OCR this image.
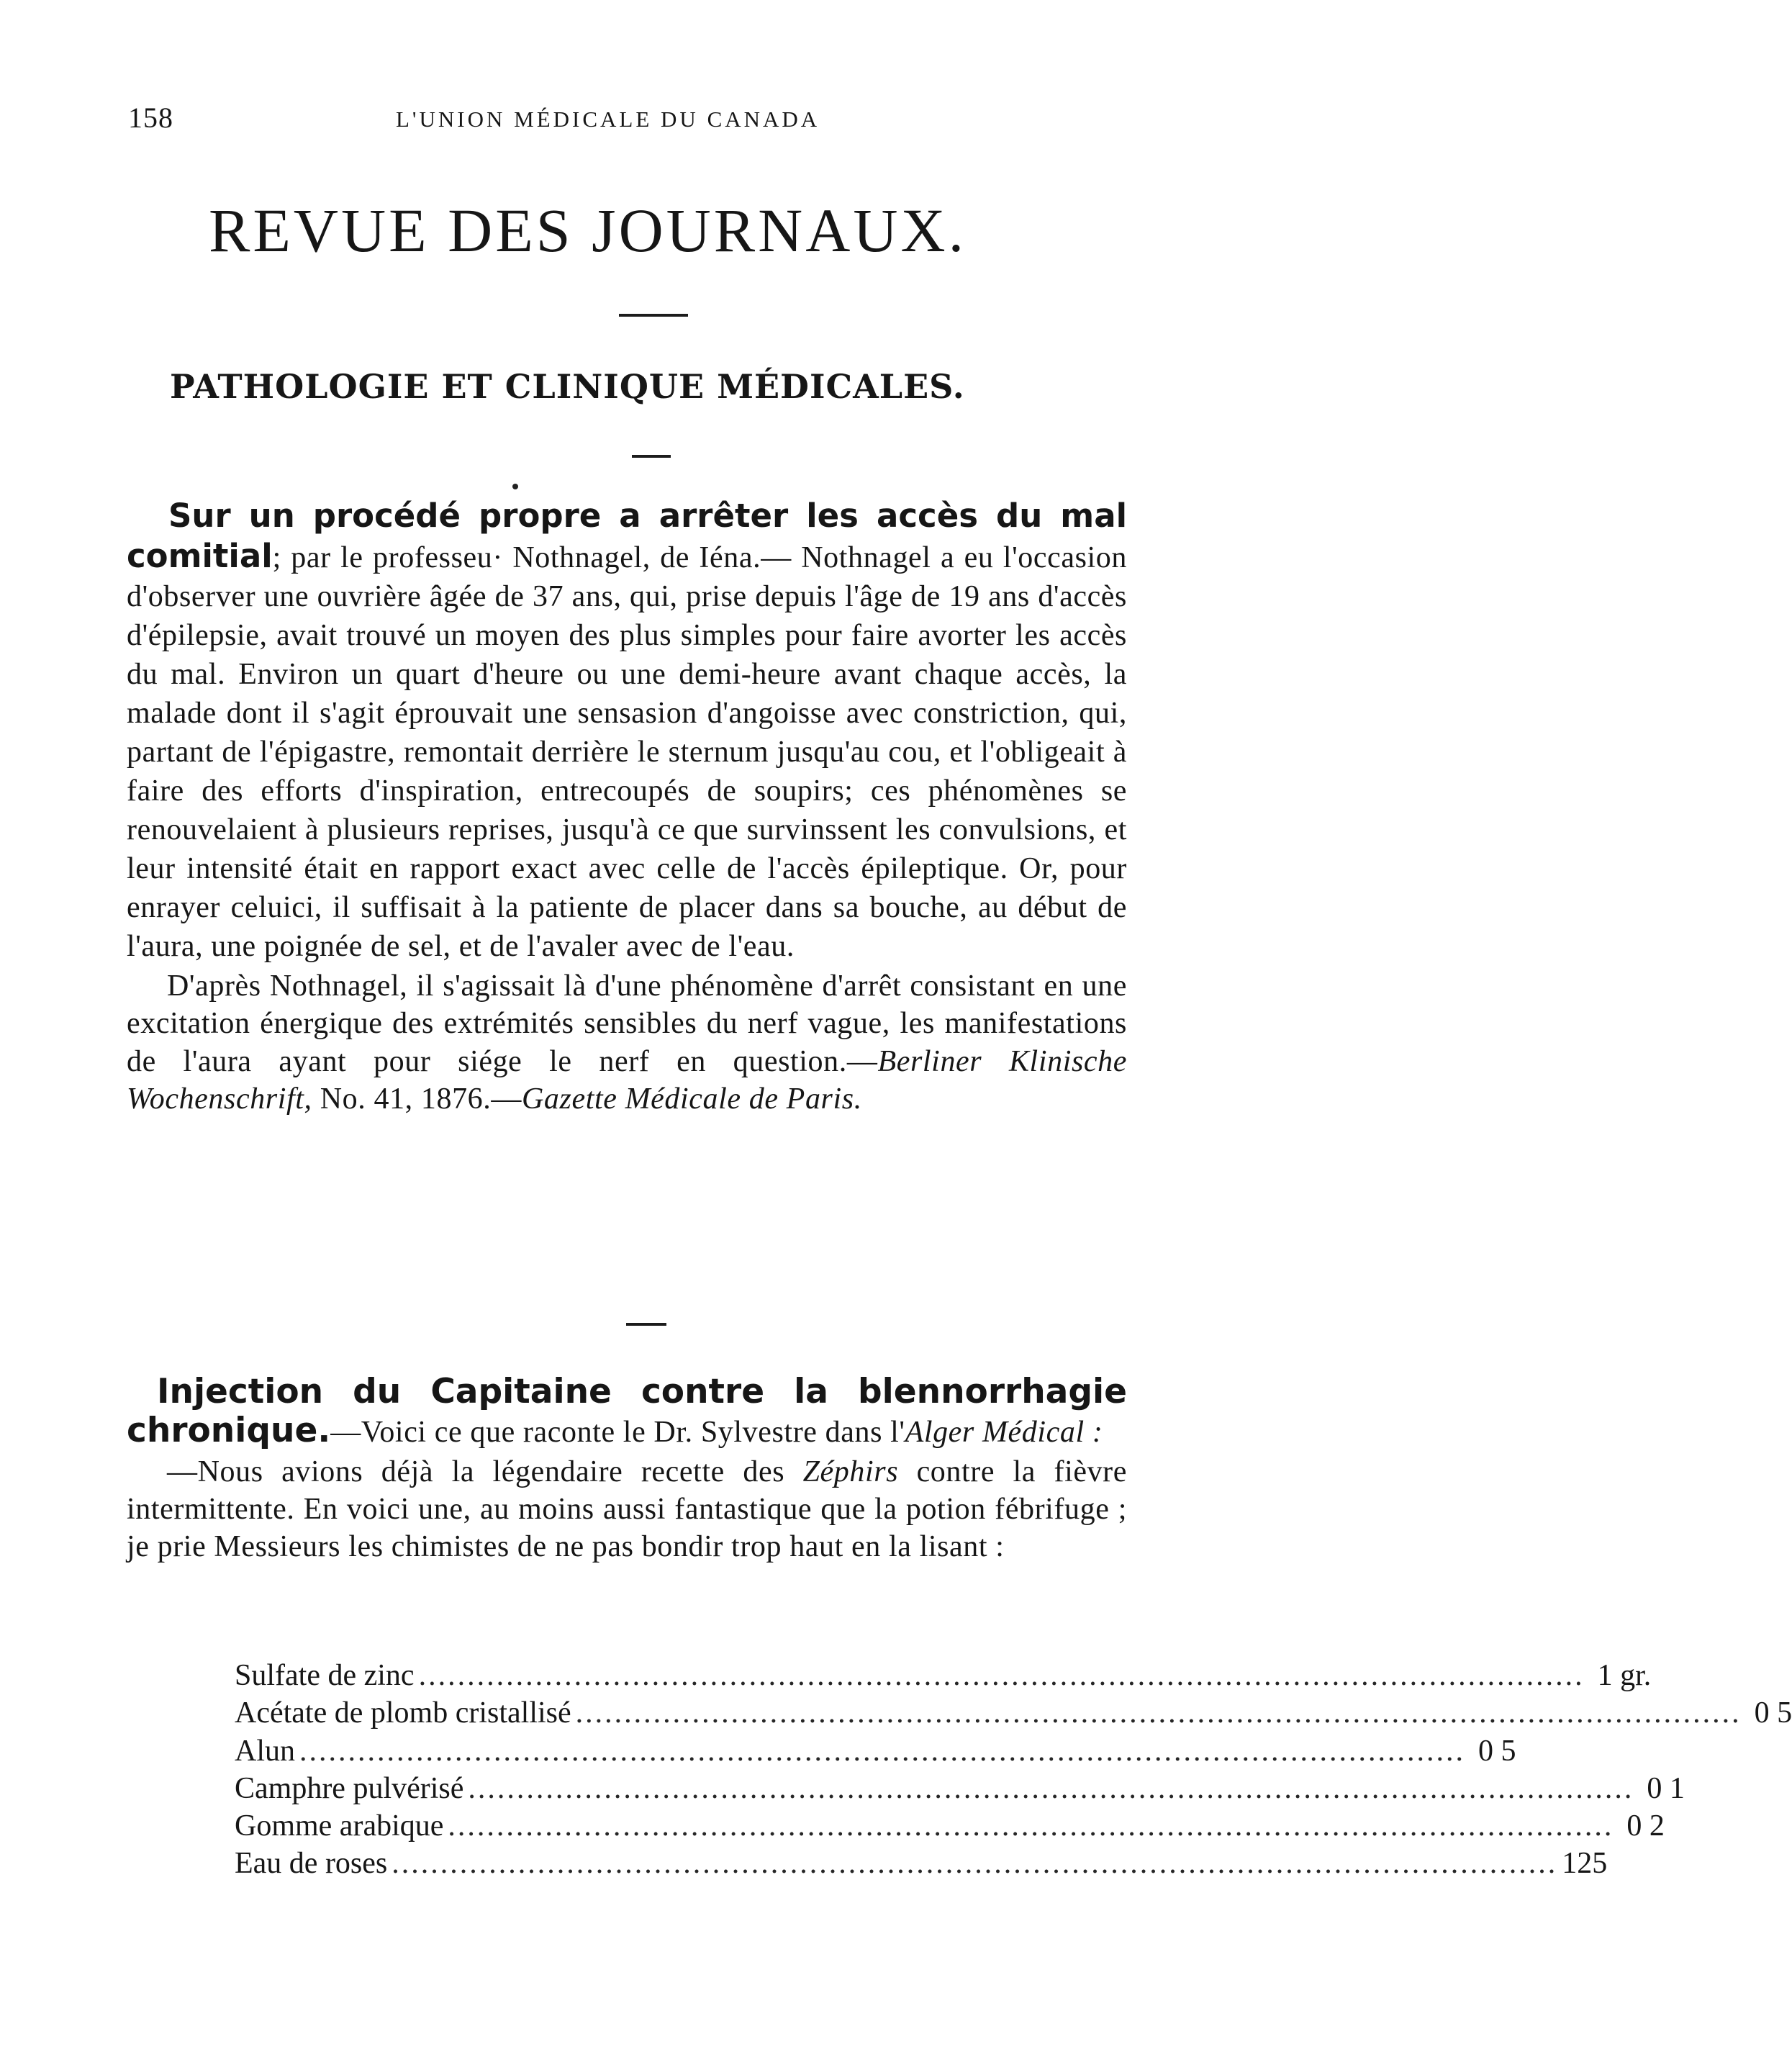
158	L'UNION MÉDICALE DU CANADA
REVUE DES JOURNAUX.
PATHOLOGIE ET CLINIQUE MÉDICALES.

Sur un procédé propre a arrêter les accès du mal comitial; par le professeu· Nothnagel, de Iéna.— Nothnagel a eu l'occasion d'observer une ouvrière âgée de 37 ans, qui, prise depuis l'âge de 19 ans d'accès d'épilepsie, avait trouvé un moyen des plus simples pour faire avorter les accès du mal. Environ un quart d'heure ou une demi-heure avant chaque accès, la malade dont il s'agit éprouvait une sensasion d'angoisse avec constriction, qui, partant de l'épigastre, remontait derrière le sternum jusqu'au cou, et l'obligeait à faire des efforts d'inspiration, entrecoupés de soupirs; ces phénomènes se renouvelaient à plusieurs reprises, jusqu'à ce que survinssent les convulsions, et leur intensité était en rapport exact avec celle de l'accès épileptique. Or, pour enrayer celuici, il suffisait à la patiente de placer dans sa bouche, au début de l'aura, une poignée de sel, et de l'avaler avec de l'eau.

D'après Nothnagel, il s'agissait là d'une phénomène d'arrêt consistant en une excitation énergique des extrémités sensibles du nerf vague, les manifestations de l'aura ayant pour siége le nerf en question.—Berliner Klinische Wochenschrift, No. 41, 1876.—Gazette Médicale de Paris.

Injection du Capitaine contre la blennorrhagie chronique.—Voici ce que raconte le Dr. Sylvestre dans l'Alger Médical :

—Nous avions déjà la légendaire recette des Zéphirs contre la fièvre intermittente. En voici une, au moins aussi fantastique que la potion fébrifuge ; je prie Messieurs les chimistes de ne pas bondir trop haut en la lisant :

Sulfate de zinc ........................................................................................................................ 1 gr.
Acétate de plomb cristallisé ........................................................................................................................ 0 5
Alun ........................................................................................................................ 0 5
Camphre pulvérisé ........................................................................................................................ 0 1
Gomme arabique ........................................................................................................................ 0 2
Eau de roses ........................................................................................................................ 125
